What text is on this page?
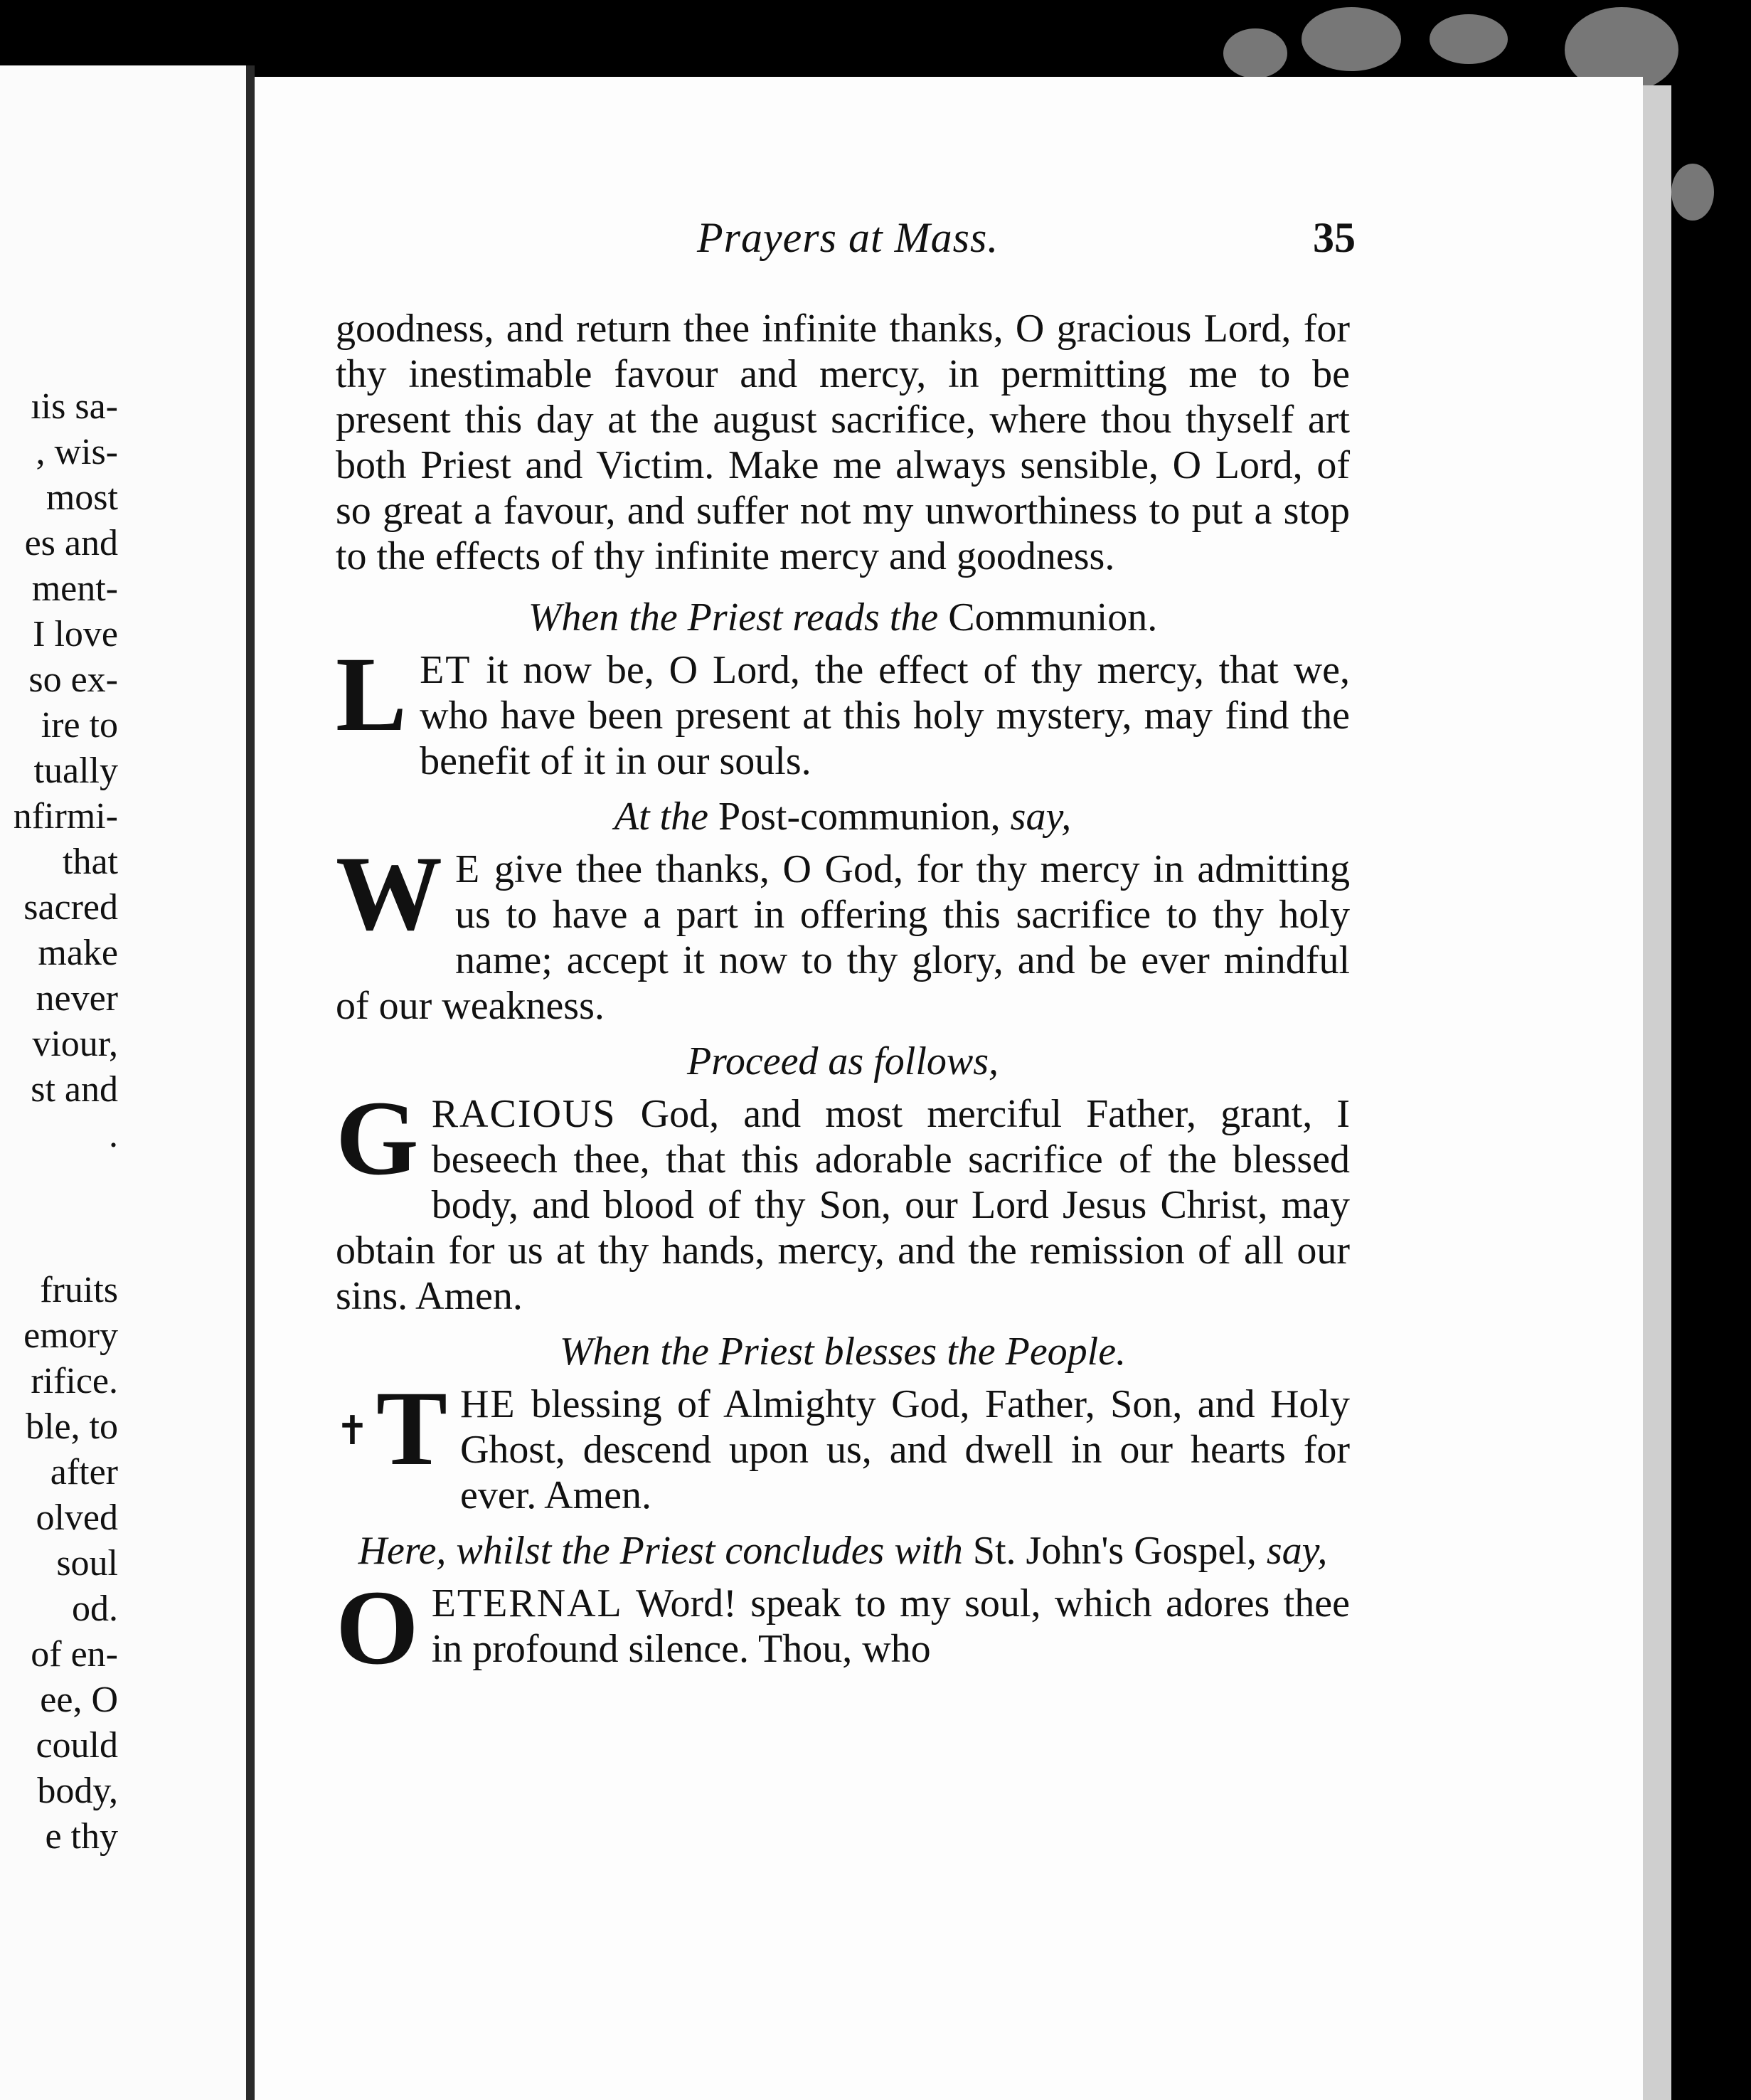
ıis sa-
, wis-
most
es and
ment-
I love
so ex-
ire to
tually
nfirmi-
that
sacred
make
never
viour,
st and
.
fruits
emory
rifice.
ble, to
after
olved
soul
od.
of en-
ee, O
could
body,
e thy
Prayers at Mass.	35

goodness, and return thee infinite thanks, O gracious Lord, for thy inestimable favour and mercy, in permitting me to be present this day at the august sacrifice, where thou thyself art both Priest and Victim. Make me always sensible, O Lord, of so great a favour, and suffer not my unworthiness to put a stop to the effects of thy infinite mercy and goodness.

When the Priest reads the Communion.

LET it now be, O Lord, the effect of thy mercy, that we, who have been present at this holy mystery, may find the benefit of it in our souls.

At the Post-communion, say,

W E give thee thanks, O God, for thy mercy in admitting us to have a part in offering this sacrifice to thy holy name; accept it now to thy glory, and be ever mindful of our weakness.

Proceed as follows,

GRACIOUS God, and most merciful Father, grant, I beseech thee, that this adorable sacrifice of the blessed body, and blood of thy Son, our Lord Jesus Christ, may obtain for us at thy hands, mercy, and the remission of all our sins. Amen.

When the Priest blesses the People.

✝ T HE blessing of Almighty God, Father, Son, and Holy Ghost, descend upon us, and dwell in our hearts for ever. Amen.

Here, whilst the Priest concludes with St. John's Gospel, say,

OETERNAL Word! speak to my soul, which adores thee in profound silence. Thou, who
